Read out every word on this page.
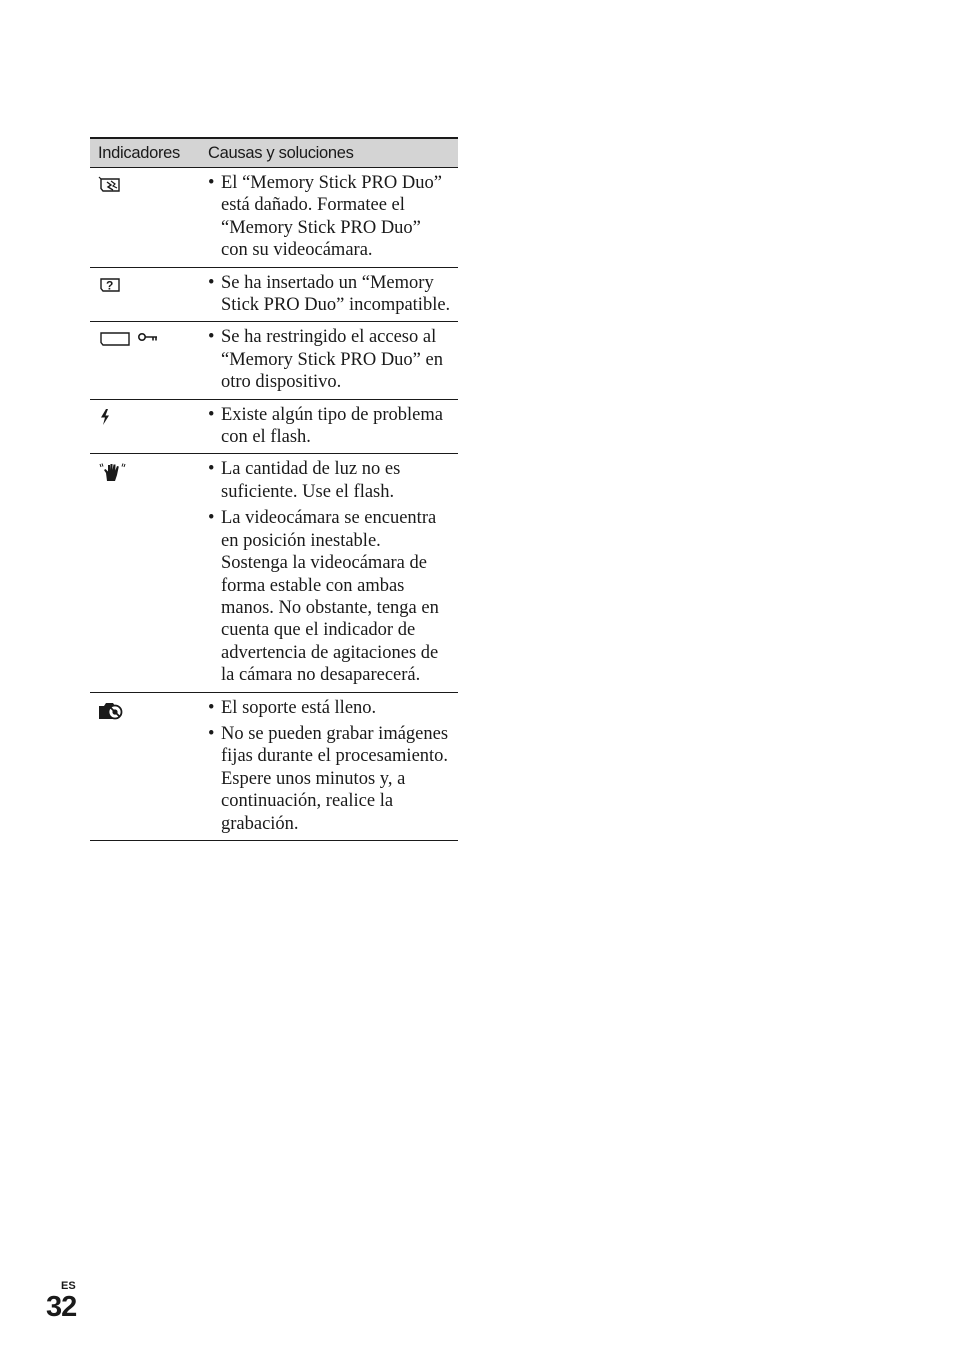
Indicadores	Causas y soluciones
• El “Memory Stick PRO Duo” está dañado. Formatee el “Memory Stick PRO Duo” con su videocámara.
?	• Se ha insertado un “Memory Stick PRO Duo” incompatible.
• Se ha restringido el acceso al “Memory Stick PRO Duo” en otro dispositivo.
• Existe algún tipo de problema con el flash.
• La cantidad de luz no es suficiente. Use el flash.
• La videocámara se encuentra en posición inestable. Sostenga la videocámara de forma estable con ambas manos. No obstante, tenga en cuenta que el indicador de advertencia de agitaciones de la cámara no desaparecerá.
• El soporte está lleno.
• No se pueden grabar imágenes fijas durante el procesamiento. Espere unos minutos y, a continuación, realice la grabación.
ES
32
